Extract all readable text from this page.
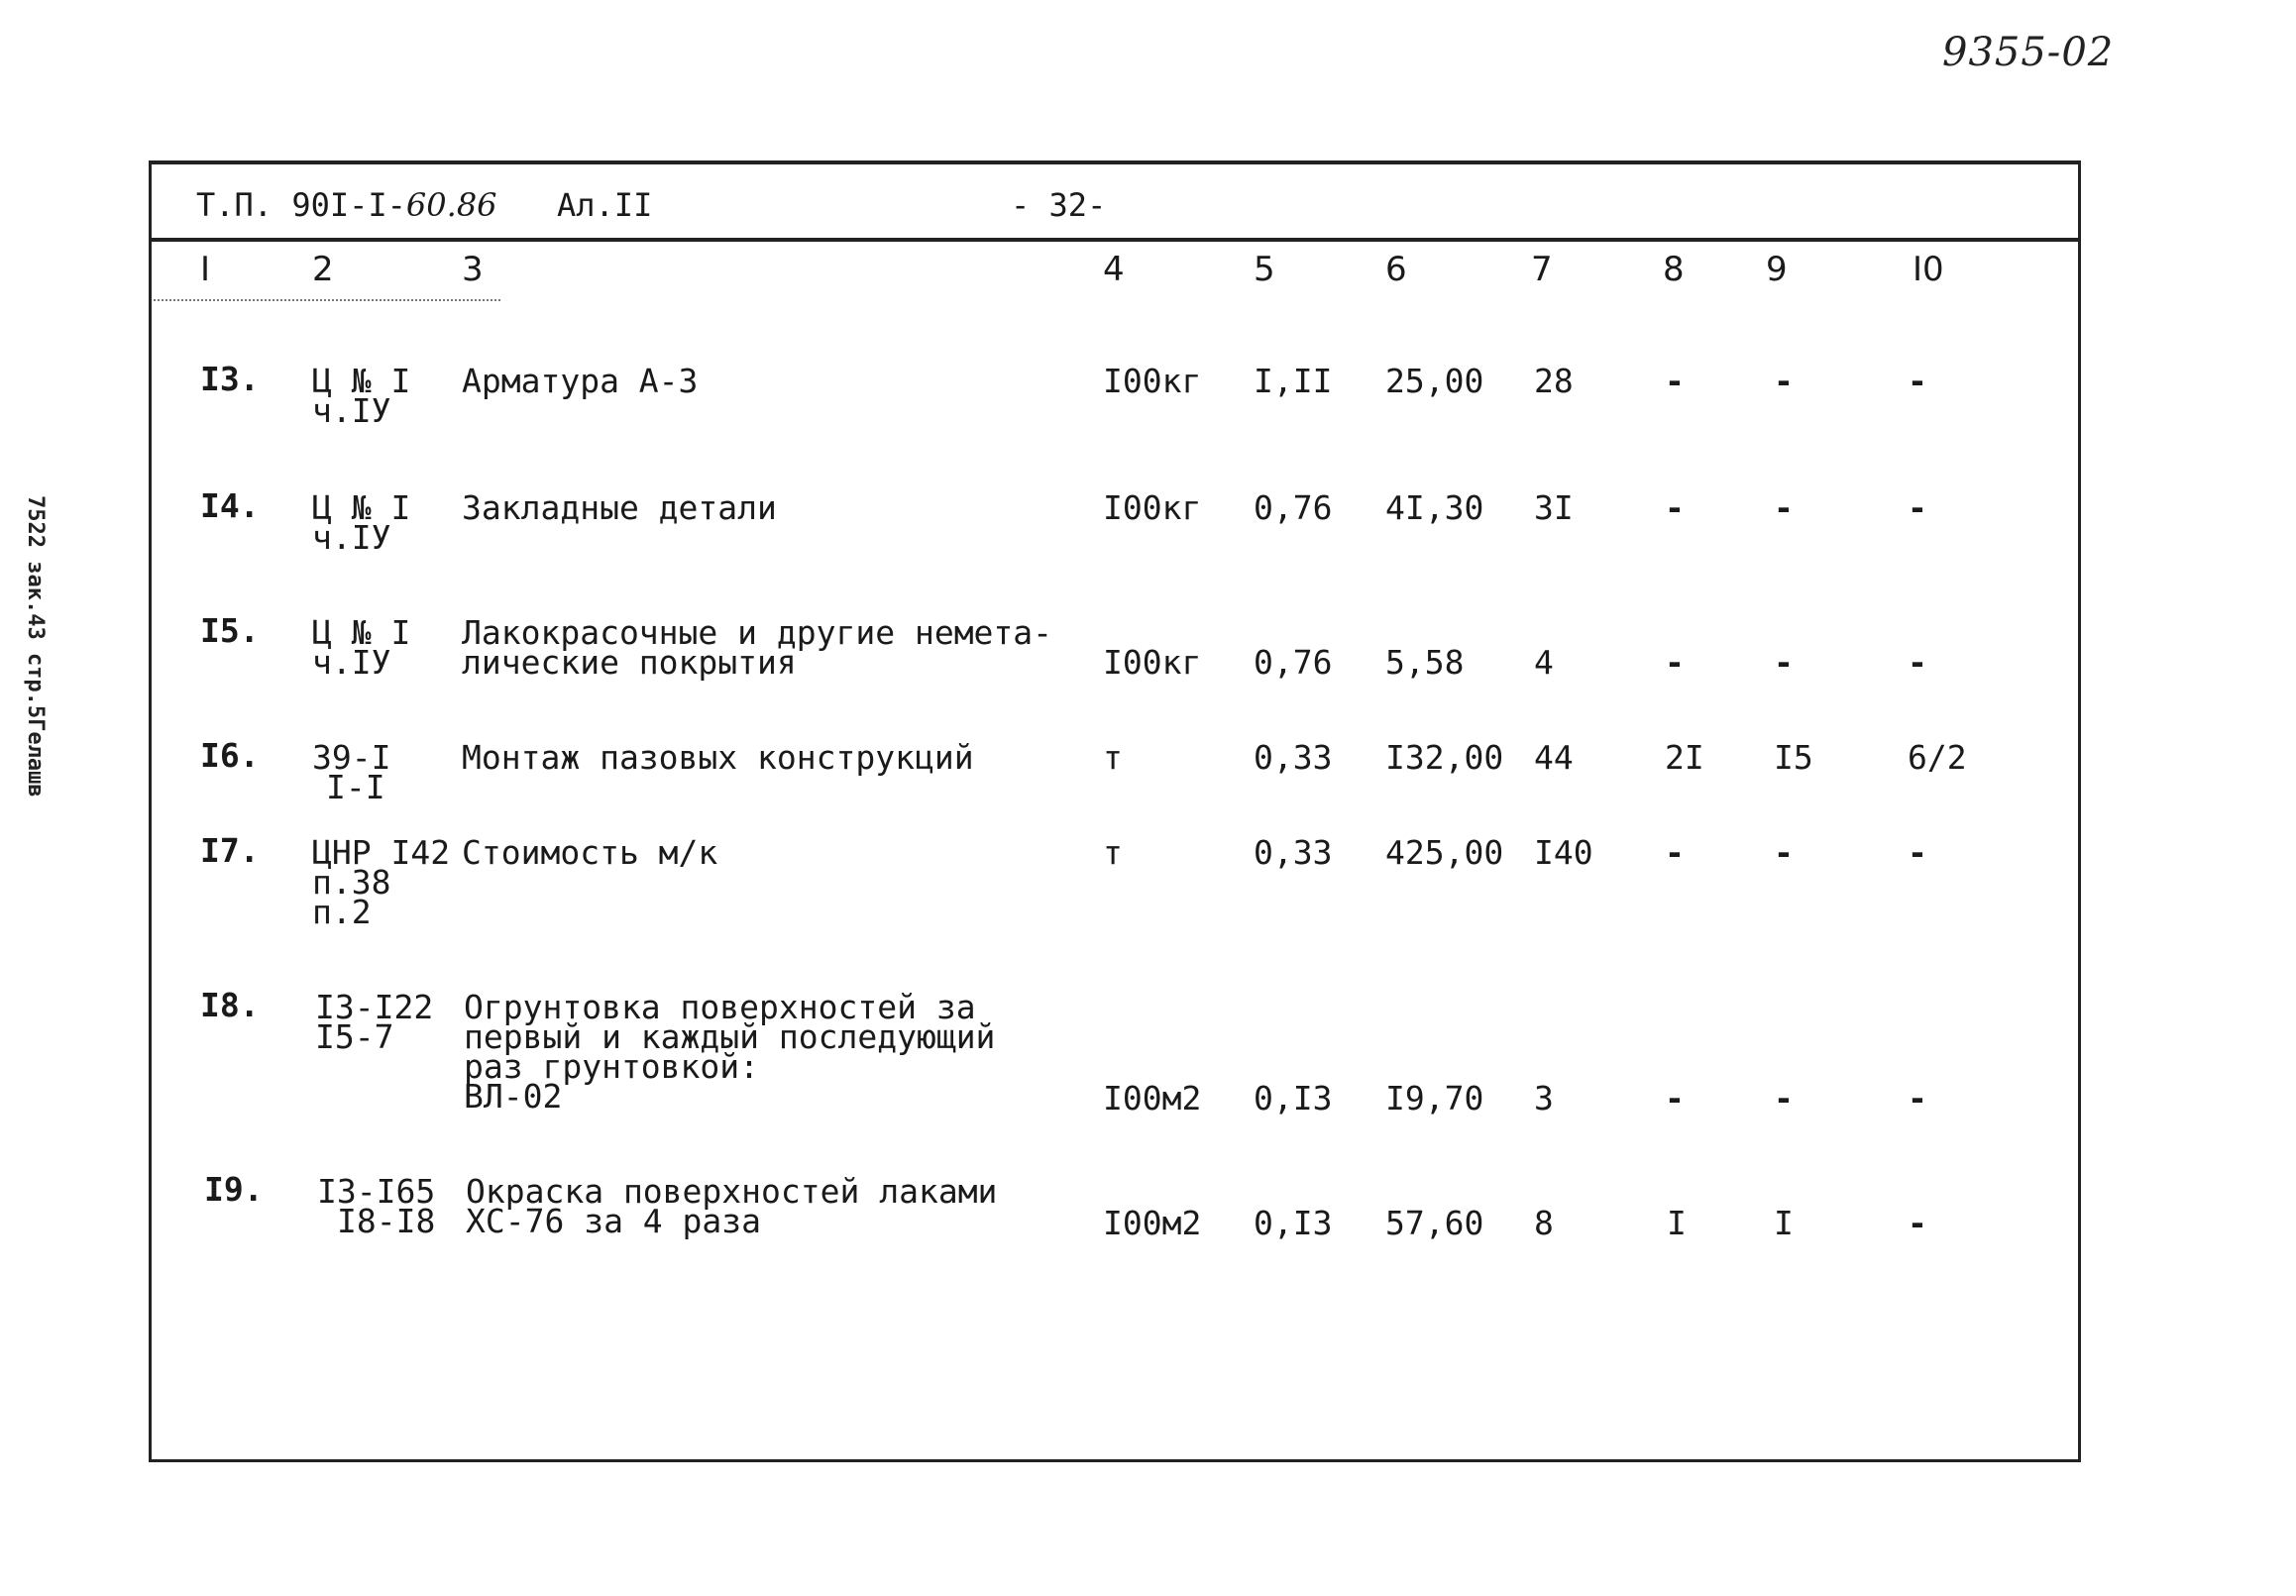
9355-02
7522 зак.43 стр.5Гелашв
Т.П. 90I-I-60.86 Ал.II	- 32-
I	2	3	4	5	6	7	8 9	I0
I3. Ц № I
ч.IУ
Арматура А-3	I00кг I,II 25,00 28	-	-	-
I4. Ц № I
ч.IУ
Закладные детали	I00кг 0,76 4I,30 3I	-	-	-
I5. Ц № I
ч.IУ
Лакокрасочные и другие немета-
лические покрытия	I00кг 0,76 5,58 4	-	-	-
I6. 39-I
I-I
Монтаж пазовых конструкций	т	0,33 I32,00 44	2I I5	6/2
I7. ЦНР I42
п.38
п.2
Стоимость м/к	т	0,33 425,00 I40 -	-	-
I8. I3-I22
I5-7
Огрунтовка поверхностей за
первый и каждый последующий
раз грунтовкой:
ВЛ-02	I00м2 0,I3 I9,70 3	-	-	-
I9. I3-I65
I8-I8
Окраска поверхностей лаками
ХС-76 за 4 раза	I00м2 0,I3 57,60 8	I	I	-
